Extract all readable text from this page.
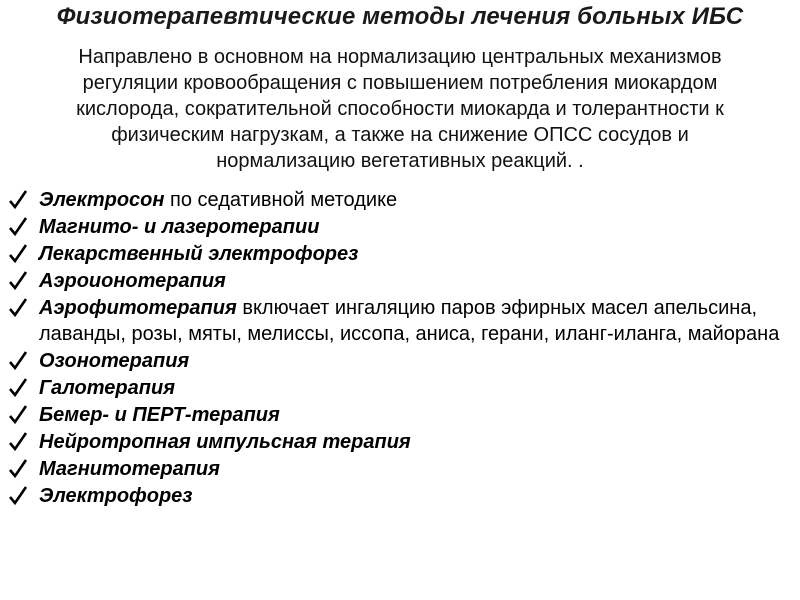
Физиотерапевтические методы лечения больных ИБС
Направлено в основном на нормализацию центральных механизмов
регуляции кровообращения с повышением потребления миокардом
кислорода, сократительной способности миокарда и толерантности к
физическим нагрузкам, а также на снижение ОПСС сосудов и
нормализацию вегетативных реакций. .
Электросон по седативной методике
Магнито- и лазеротерапии
Лекарственный электрофорез
Аэроионотерапия
Аэрофитотерапия включает ингаляцию паров эфирных масел апельсина, лаванды, розы, мяты, мелиссы, иссопа, аниса, герани, иланг-иланга, майорана
Озонотерапия
Галотерапия
Бемер- и ПЕРТ-терапия
Нейротропная импульсная терапия
Магнитотерапия
Электрофорез
